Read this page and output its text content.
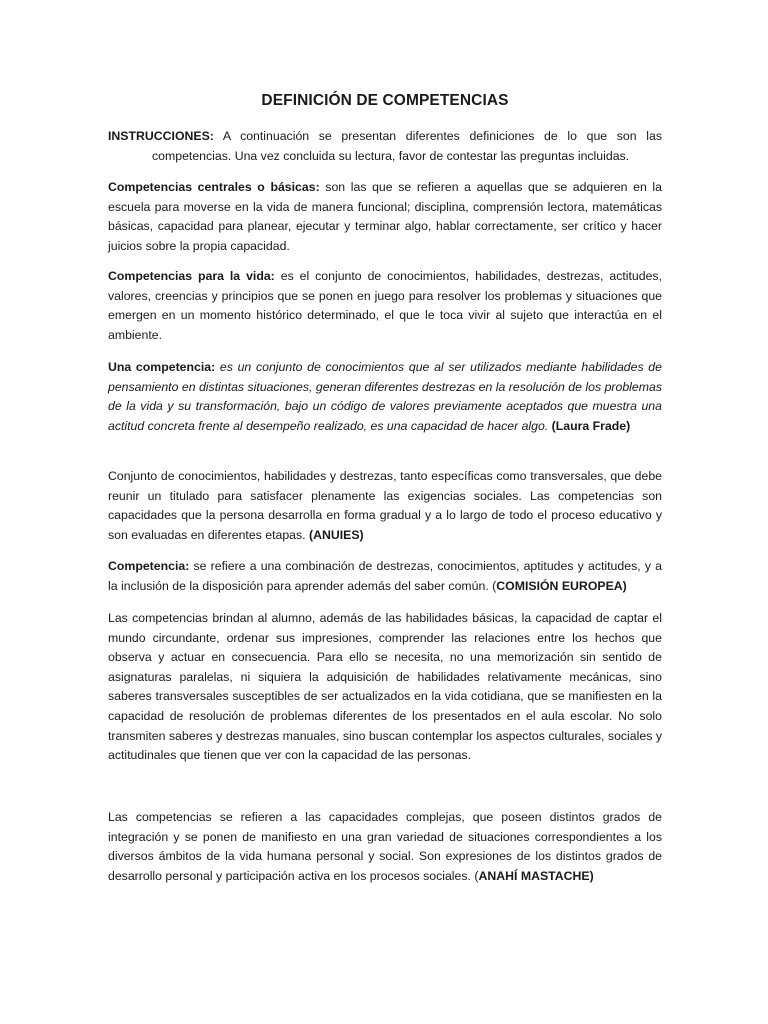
DEFINICIÓN DE COMPETENCIAS

INSTRUCCIONES: A continuación se presentan diferentes definiciones de lo que son las competencias. Una vez concluida su lectura, favor de contestar las preguntas incluidas.

Competencias centrales o básicas: son las que se refieren a aquellas que se adquieren en la escuela para moverse en la vida de manera funcional; disciplina, comprensión lectora, matemáticas básicas, capacidad para planear, ejecutar y terminar algo, hablar correctamente, ser crítico y hacer juicios sobre la propia capacidad.

Competencias para la vida: es el conjunto de conocimientos, habilidades, destrezas, actitudes, valores, creencias y principios que se ponen en juego para resolver los problemas y situaciones que emergen en un momento histórico determinado, el que le toca vivir al sujeto que interactúa en el ambiente.

Una competencia: es un conjunto de conocimientos que al ser utilizados mediante habilidades de pensamiento en distintas situaciones, generan diferentes destrezas en la resolución de los problemas de la vida y su transformación, bajo un código de valores previamente aceptados que muestra una actitud concreta frente al desempeño realizado, es una capacidad de hacer algo. (Laura Frade)

Conjunto de conocimientos, habilidades y destrezas, tanto específicas como transversales, que debe reunir un titulado para satisfacer plenamente las exigencias sociales. Las competencias son capacidades que la persona desarrolla en forma gradual y a lo largo de todo el proceso educativo y son evaluadas en diferentes etapas. (ANUIES)

Competencia: se refiere a una combinación de destrezas, conocimientos, aptitudes y actitudes, y a la inclusión de la disposición para aprender además del saber común. (COMISIÓN EUROPEA)

Las competencias brindan al alumno, además de las habilidades básicas, la capacidad de captar el mundo circundante, ordenar sus impresiones, comprender las relaciones entre los hechos que observa y actuar en consecuencia. Para ello se necesita, no una memorización sin sentido de asignaturas paralelas, ni siquiera la adquisición de habilidades relativamente mecánicas, sino saberes transversales susceptibles de ser actualizados en la vida cotidiana, que se manifiesten en la capacidad de resolución de problemas diferentes de los presentados en el aula escolar. No solo transmiten saberes y destrezas manuales, sino buscan contemplar los aspectos culturales, sociales y actitudinales que tienen que ver con la capacidad de las personas.

Las competencias se refieren a las capacidades complejas, que poseen distintos grados de integración y se ponen de manifiesto en una gran variedad de situaciones correspondientes a los diversos ámbitos de la vida humana personal y social. Son expresiones de los distintos grados de desarrollo personal y participación activa en los procesos sociales. (ANAHÍ MASTACHE)
